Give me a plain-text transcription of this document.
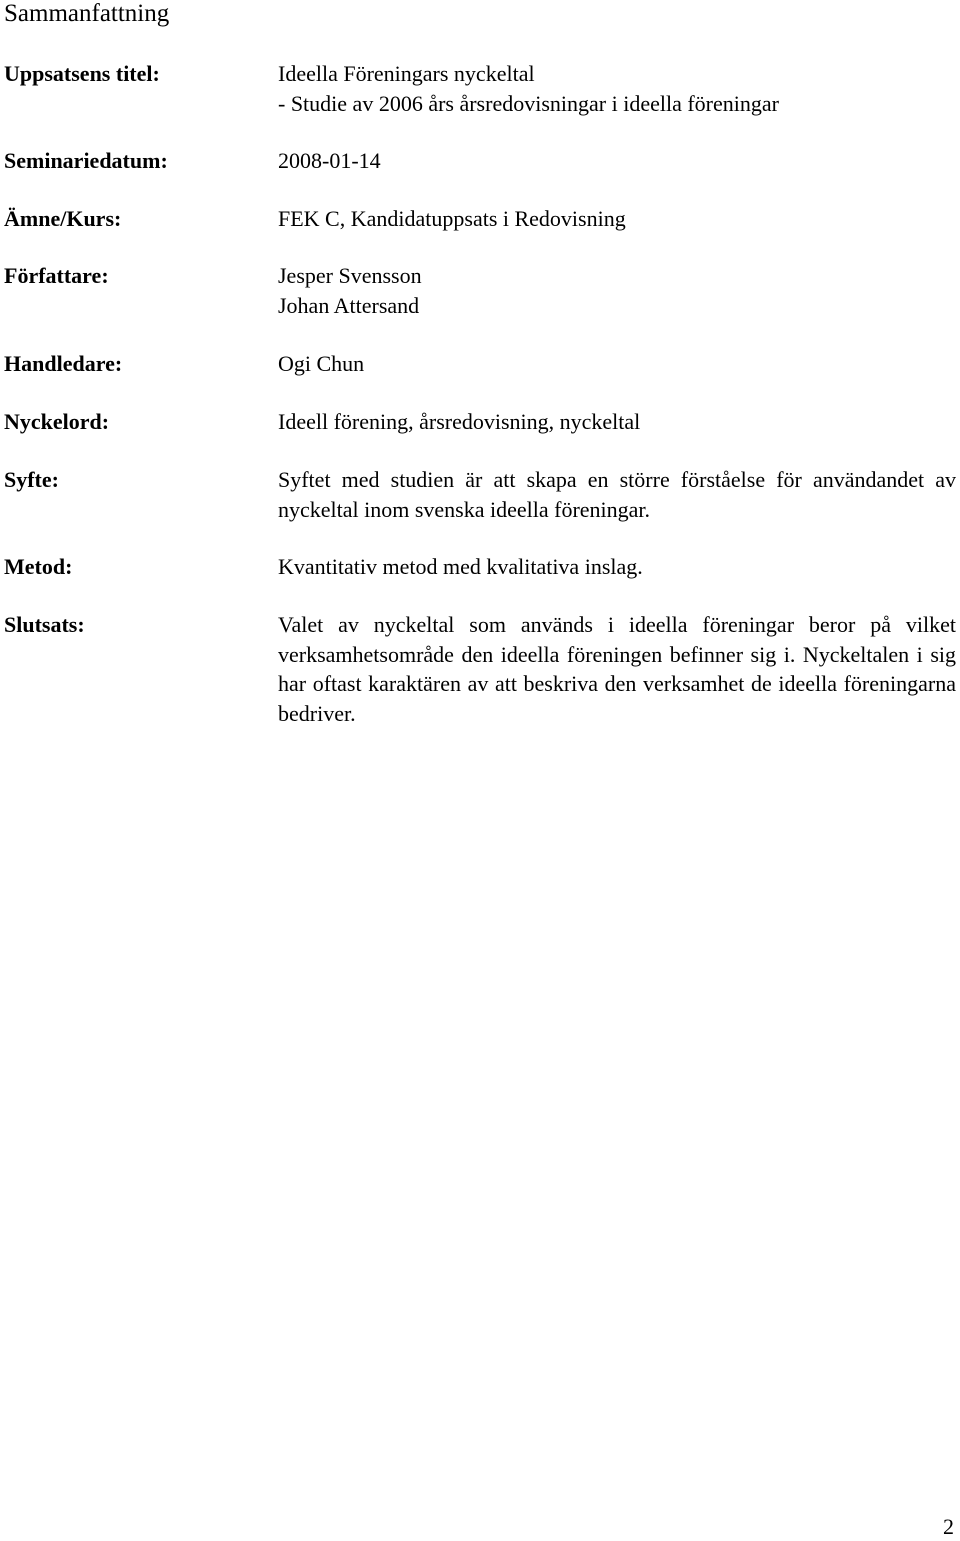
Sammanfattning
Uppsatsens titel:	Ideella Föreningars nyckeltal
- Studie av 2006 års årsredovisningar i ideella föreningar
Seminariedatum:	2008-01-14
Ämne/Kurs:	FEK C, Kandidatuppsats i Redovisning
Författare:	Jesper Svensson
Johan Attersand
Handledare:	Ogi Chun
Nyckelord:	Ideell förening, årsredovisning, nyckeltal
Syfte:	Syftet med studien är att skapa en större förståelse för användandet av nyckeltal inom svenska ideella föreningar.
Metod:	Kvantitativ metod med kvalitativa inslag.
Slutsats:	Valet av nyckeltal som används i ideella föreningar beror på vilket verksamhetsområde den ideella föreningen befinner sig i. Nyckeltalen i sig har oftast karaktären av att beskriva den verksamhet de ideella föreningarna bedriver.
2
